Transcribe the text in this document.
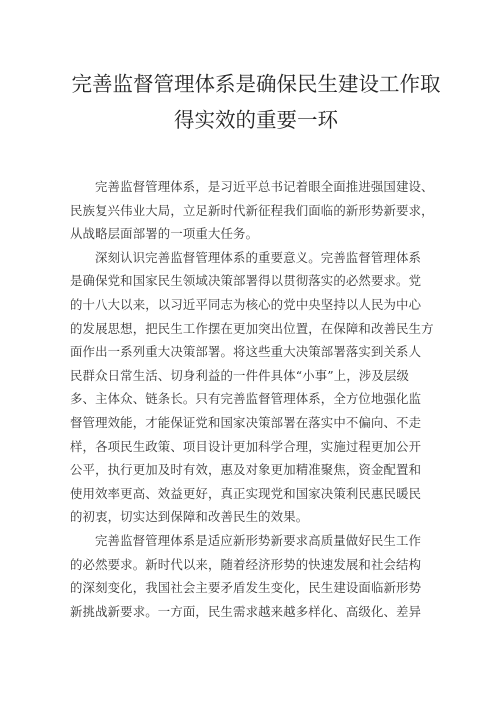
完善监督管理体系是确保民生建设工作取
得实效的重要一环

完善监督管理体系，是习近平总书记着眼全面推进强国建设、
民族复兴伟业大局，立足新时代新征程我们面临的新形势新要求，
从战略层面部署的一项重大任务。

深刻认识完善监督管理体系的重要意义。完善监督管理体系
是确保党和国家民生领域决策部署得以贯彻落实的必然要求。党
的十八大以来，以习近平同志为核心的党中央坚持以人民为中心
的发展思想，把民生工作摆在更加突出位置，在保障和改善民生方
面作出一系列重大决策部署。将这些重大决策部署落实到关系人
民群众日常生活、切身利益的一件件具体“小事”上，涉及层级
多、主体众、链条长。只有完善监督管理体系，全方位地强化监
督管理效能，才能保证党和国家决策部署在落实中不偏向、不走
样，各项民生政策、项目设计更加科学合理，实施过程更加公开
公平，执行更加及时有效，惠及对象更加精准聚焦，资金配置和
使用效率更高、效益更好，真正实现党和国家决策利民惠民暖民
的初衷，切实达到保障和改善民生的效果。

完善监督管理体系是适应新形势新要求高质量做好民生工作
的必然要求。新时代以来，随着经济形势的快速发展和社会结构
的深刻变化，我国社会主要矛盾发生变化，民生建设面临新形势
新挑战新要求。一方面，民生需求越来越多样化、高级化、差异
